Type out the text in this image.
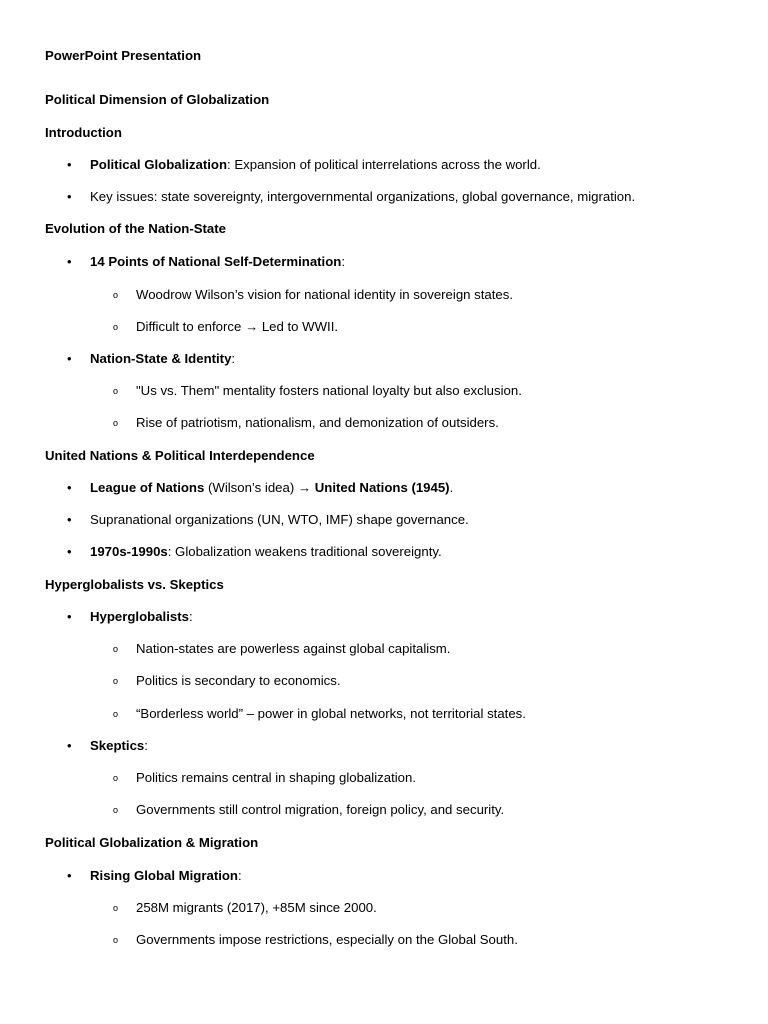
PowerPoint Presentation
Political Dimension of Globalization
Introduction
• Political Globalization: Expansion of political interrelations across the world.
• Key issues: state sovereignty, intergovernmental organizations, global governance, migration.
Evolution of the Nation-State
• 14 Points of National Self-Determination:
o Woodrow Wilson’s vision for national identity in sovereign states.
o Difficult to enforce → Led to WWII.
• Nation-State & Identity:
o "Us vs. Them" mentality fosters national loyalty but also exclusion.
o Rise of patriotism, nationalism, and demonization of outsiders.
United Nations & Political Interdependence
• League of Nations (Wilson’s idea) → United Nations (1945).
• Supranational organizations (UN, WTO, IMF) shape governance.
• 1970s-1990s: Globalization weakens traditional sovereignty.
Hyperglobalists vs. Skeptics
• Hyperglobalists:
o Nation-states are powerless against global capitalism.
o Politics is secondary to economics.
o “Borderless world” – power in global networks, not territorial states.
• Skeptics:
o Politics remains central in shaping globalization.
o Governments still control migration, foreign policy, and security.
Political Globalization & Migration
• Rising Global Migration:
o 258M migrants (2017), +85M since 2000.
o Governments impose restrictions, especially on the Global South.
